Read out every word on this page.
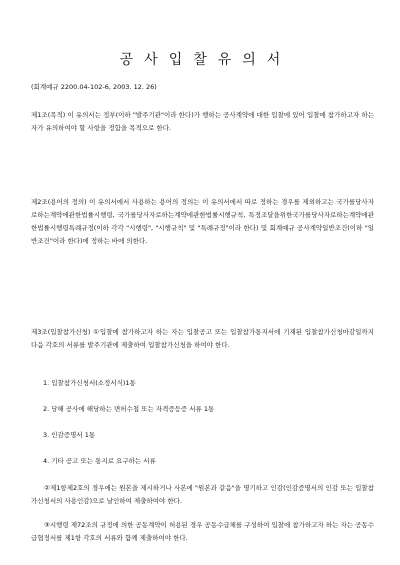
공사입찰유의서
(회계예규 2200.04-102-6, 2003. 12. 26)

제1조(목적) 이 유의서는 정부(이하 "발주기관"이라 한다)가 행하는 공사계약에 대한 입찰에 있어 입찰에 참가하고자 하는 자가 유의하여야 할 사항을 정함을 목적으로 한다.

제2조(용어의 정의) 이 유의서에서 사용하는 용어의 정의는 이 유의서에서 따로 정하는 경우를 제외하고는 국가를당사자로하는계약에관한법률시행령, 국가를당사자로하는계약에관한법률시행규칙, 특정조달을위한국가를당사자로하는계약에관한법률시행령특례규정(이하 각각 "시행령", "시행규칙" 및 "특례규정"이라 한다) 및 회계예규 공사계약일반조건(이하 "일반조건"이라 한다)에 정하는 바에 의한다.

제3조(입찰참가신청) ①입찰에 참가하고자 하는 자는 입찰공고 또는 입찰참가통지서에 기재된 입찰참가신청마감일까지 다음 각호의 서류를 발주기관에 제출하여 입찰참가신청을 하여야 한다.

1. 입찰참가신청서(소정서식)1통
2. 당해 공사에 해당하는 면허수첩 또는 자격증등증 서류 1통
3. 인감증명서 1통
4. 기타 공고 또는 통지로 요구하는 서류

②제1항제2호의 경우에는 원본을 제시하거나 사본에 "원본과 같음"을 명기하고 인감(인감증명서의 인감 또는 입찰참가신청서의 사용인감)으로 날인하여 제출하여야 한다.

③시행령 제72조의 규정에 의한 공동계약이 허용된 경우 공동수급체를 구성하여 입찰에 참가하고자 하는 자는 공동수급협정서를 제1항 각호의 서류와 함께 제출하여야 한다.
